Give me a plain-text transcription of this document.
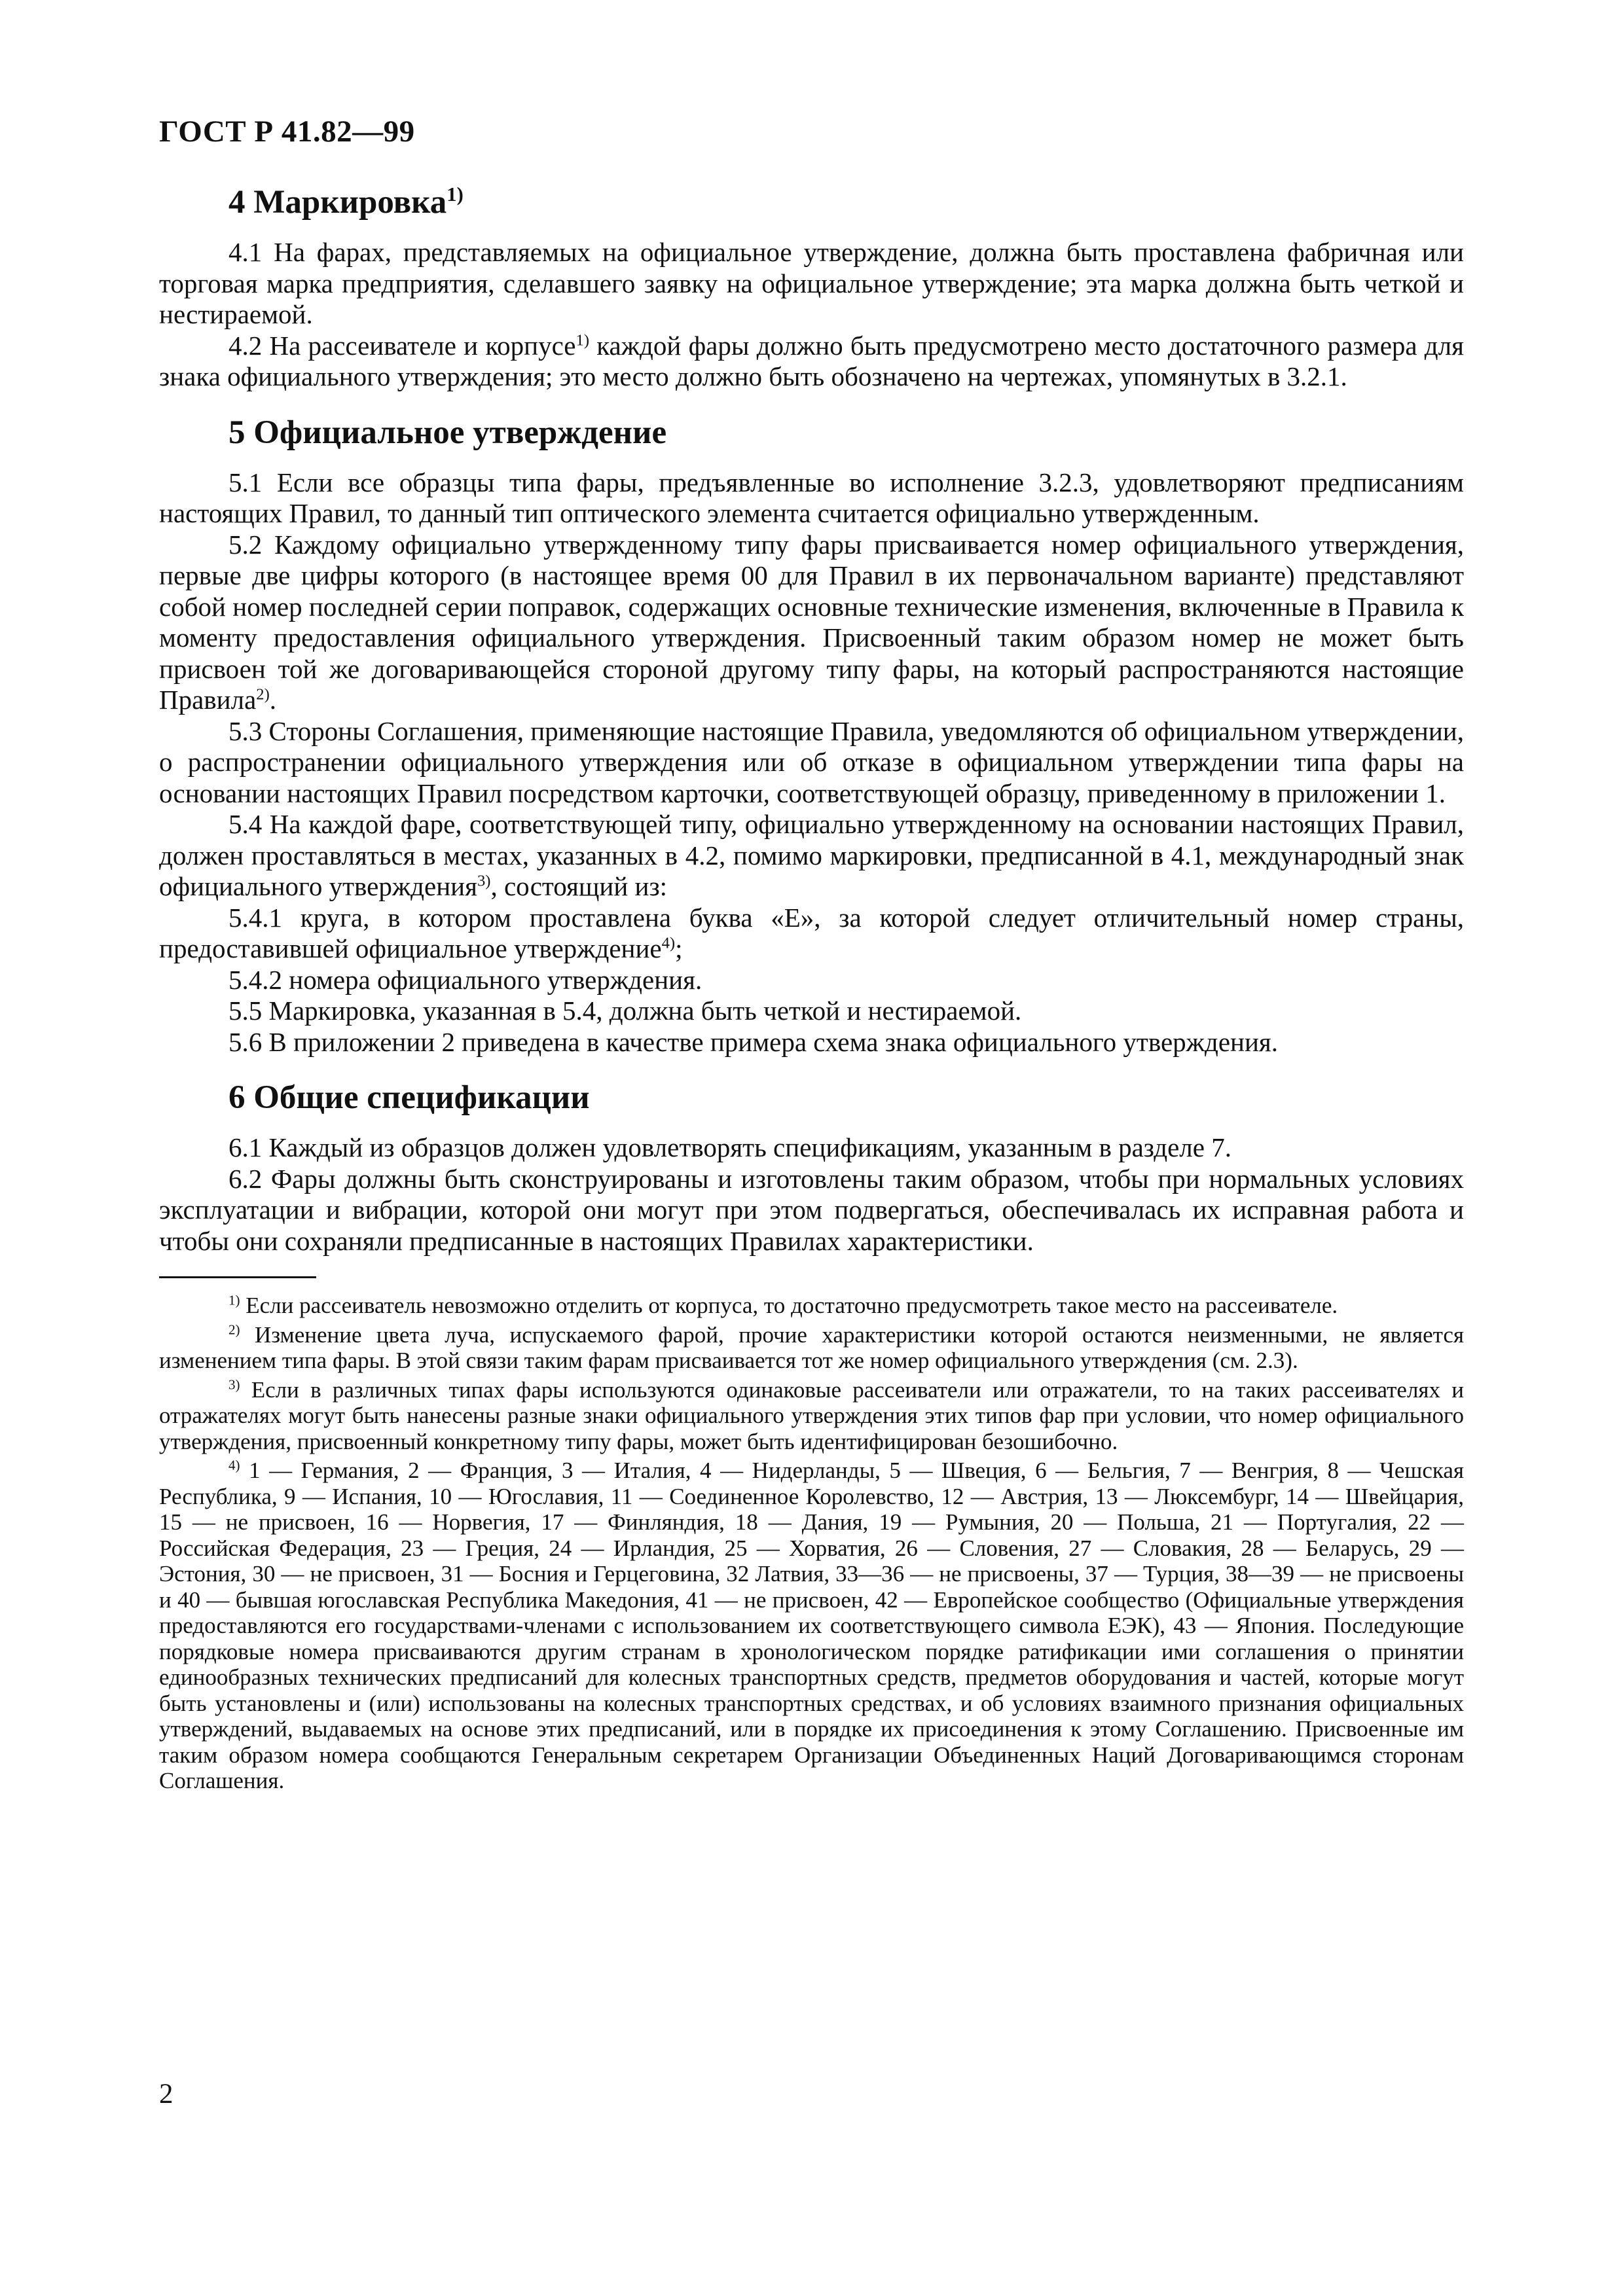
ГОСТ Р 41.82—99
4 Маркировка$^{1)}$

4.1 На фарах, представляемых на официальное утверждение, должна быть проставлена фабричная или торговая марка предприятия, сделавшего заявку на официальное утверждение; эта марка должна быть четкой и нестираемой.

4.2 На рассеивателе и корпусе$^{1)}$ каждой фары должно быть предусмотрено место достаточного размера для знака официального утверждения; это место должно быть обозначено на чертежах, упомянутых в 3.2.1.

5 Официальное утверждение

5.1 Если все образцы типа фары, предъявленные во исполнение 3.2.3, удовлетворяют предписаниям настоящих Правил, то данный тип оптического элемента считается официально утвержденным.

5.2 Каждому официально утвержденному типу фары присваивается номер официального утверждения, первые две цифры которого (в настоящее время 00 для Правил в их первоначальном варианте) представляют собой номер последней серии поправок, содержащих основные технические изменения, включенные в Правила к моменту предоставления официального утверждения. Присвоенный таким образом номер не может быть присвоен той же договаривающейся стороной другому типу фары, на который распространяются настоящие Правила$^{2)}$.

5.3 Стороны Соглашения, применяющие настоящие Правила, уведомляются об официальном утверждении, о распространении официального утверждения или об отказе в официальном утверждении типа фары на основании настоящих Правил посредством карточки, соответствующей образцу, приведенному в приложении 1.

5.4 На каждой фаре, соответствующей типу, официально утвержденному на основании настоящих Правил, должен проставляться в местах, указанных в 4.2, помимо маркировки, предписанной в 4.1, международный знак официального утверждения$^{3)}$, состоящий из:

5.4.1 круга, в котором проставлена буква «Е», за которой следует отличительный номер страны, предоставившей официальное утверждение$^{4)}$;

5.4.2 номера официального утверждения.

5.5 Маркировка, указанная в 5.4, должна быть четкой и нестираемой.

5.6 В приложении 2 приведена в качестве примера схема знака официального утверждения.

6 Общие спецификации

6.1 Каждый из образцов должен удовлетворять спецификациям, указанным в разделе 7.

6.2 Фары должны быть сконструированы и изготовлены таким образом, чтобы при нормальных условиях эксплуатации и вибрации, которой они могут при этом подвергаться, обеспечивалась их исправная работа и чтобы они сохраняли предписанные в настоящих Правилах характеристики.

$^{1)}$ Если рассеиватель невозможно отделить от корпуса, то достаточно предусмотреть такое место на рассеивателе.

$^{2)}$ Изменение цвета луча, испускаемого фарой, прочие характеристики которой остаются неизменными, не является изменением типа фары. В этой связи таким фарам присваивается тот же номер официального утверждения (см. 2.3).

$^{3)}$ Если в различных типах фары используются одинаковые рассеиватели или отражатели, то на таких рассеивателях и отражателях могут быть нанесены разные знаки официального утверждения этих типов фар при условии, что номер официального утверждения, присвоенный конкретному типу фары, может быть идентифицирован безошибочно.

$^{4)}$ 1 — Германия, 2 — Франция, 3 — Италия, 4 — Нидерланды, 5 — Швеция, 6 — Бельгия, 7 — Венгрия, 8 — Чешская Республика, 9 — Испания, 10 — Югославия, 11 — Соединенное Королевство, 12 — Австрия, 13 — Люксембург, 14 — Швейцария, 15 — не присвоен, 16 — Норвегия, 17 — Финляндия, 18 — Дания, 19 — Румыния, 20 — Польша, 21 — Португалия, 22 — Российская Федерация, 23 — Греция, 24 — Ирландия, 25 — Хорватия, 26 — Словения, 27 — Словакия, 28 — Беларусь, 29 — Эстония, 30 — не присвоен, 31 — Босния и Герцеговина, 32 Латвия, 33—36 — не присвоены, 37 — Турция, 38—39 — не присвоены и 40 — бывшая югославская Республика Македония, 41 — не присвоен, 42 — Европейское сообщество (Официальные утверждения предоставляются его государствами-членами с использованием их соответствующего символа ЕЭК), 43 — Япония. Последующие порядковые номера присваиваются другим странам в хронологическом порядке ратификации ими соглашения о принятии единообразных технических предписаний для колесных транспортных средств, предметов оборудования и частей, которые могут быть установлены и (или) использованы на колесных транспортных средствах, и об условиях взаимного признания официальных утверждений, выдаваемых на основе этих предписаний, или в порядке их присоединения к этому Соглашению. Присвоенные им таким образом номера сообщаются Генеральным секретарем Организации Объединенных Наций Договаривающимся сторонам Соглашения.

2
